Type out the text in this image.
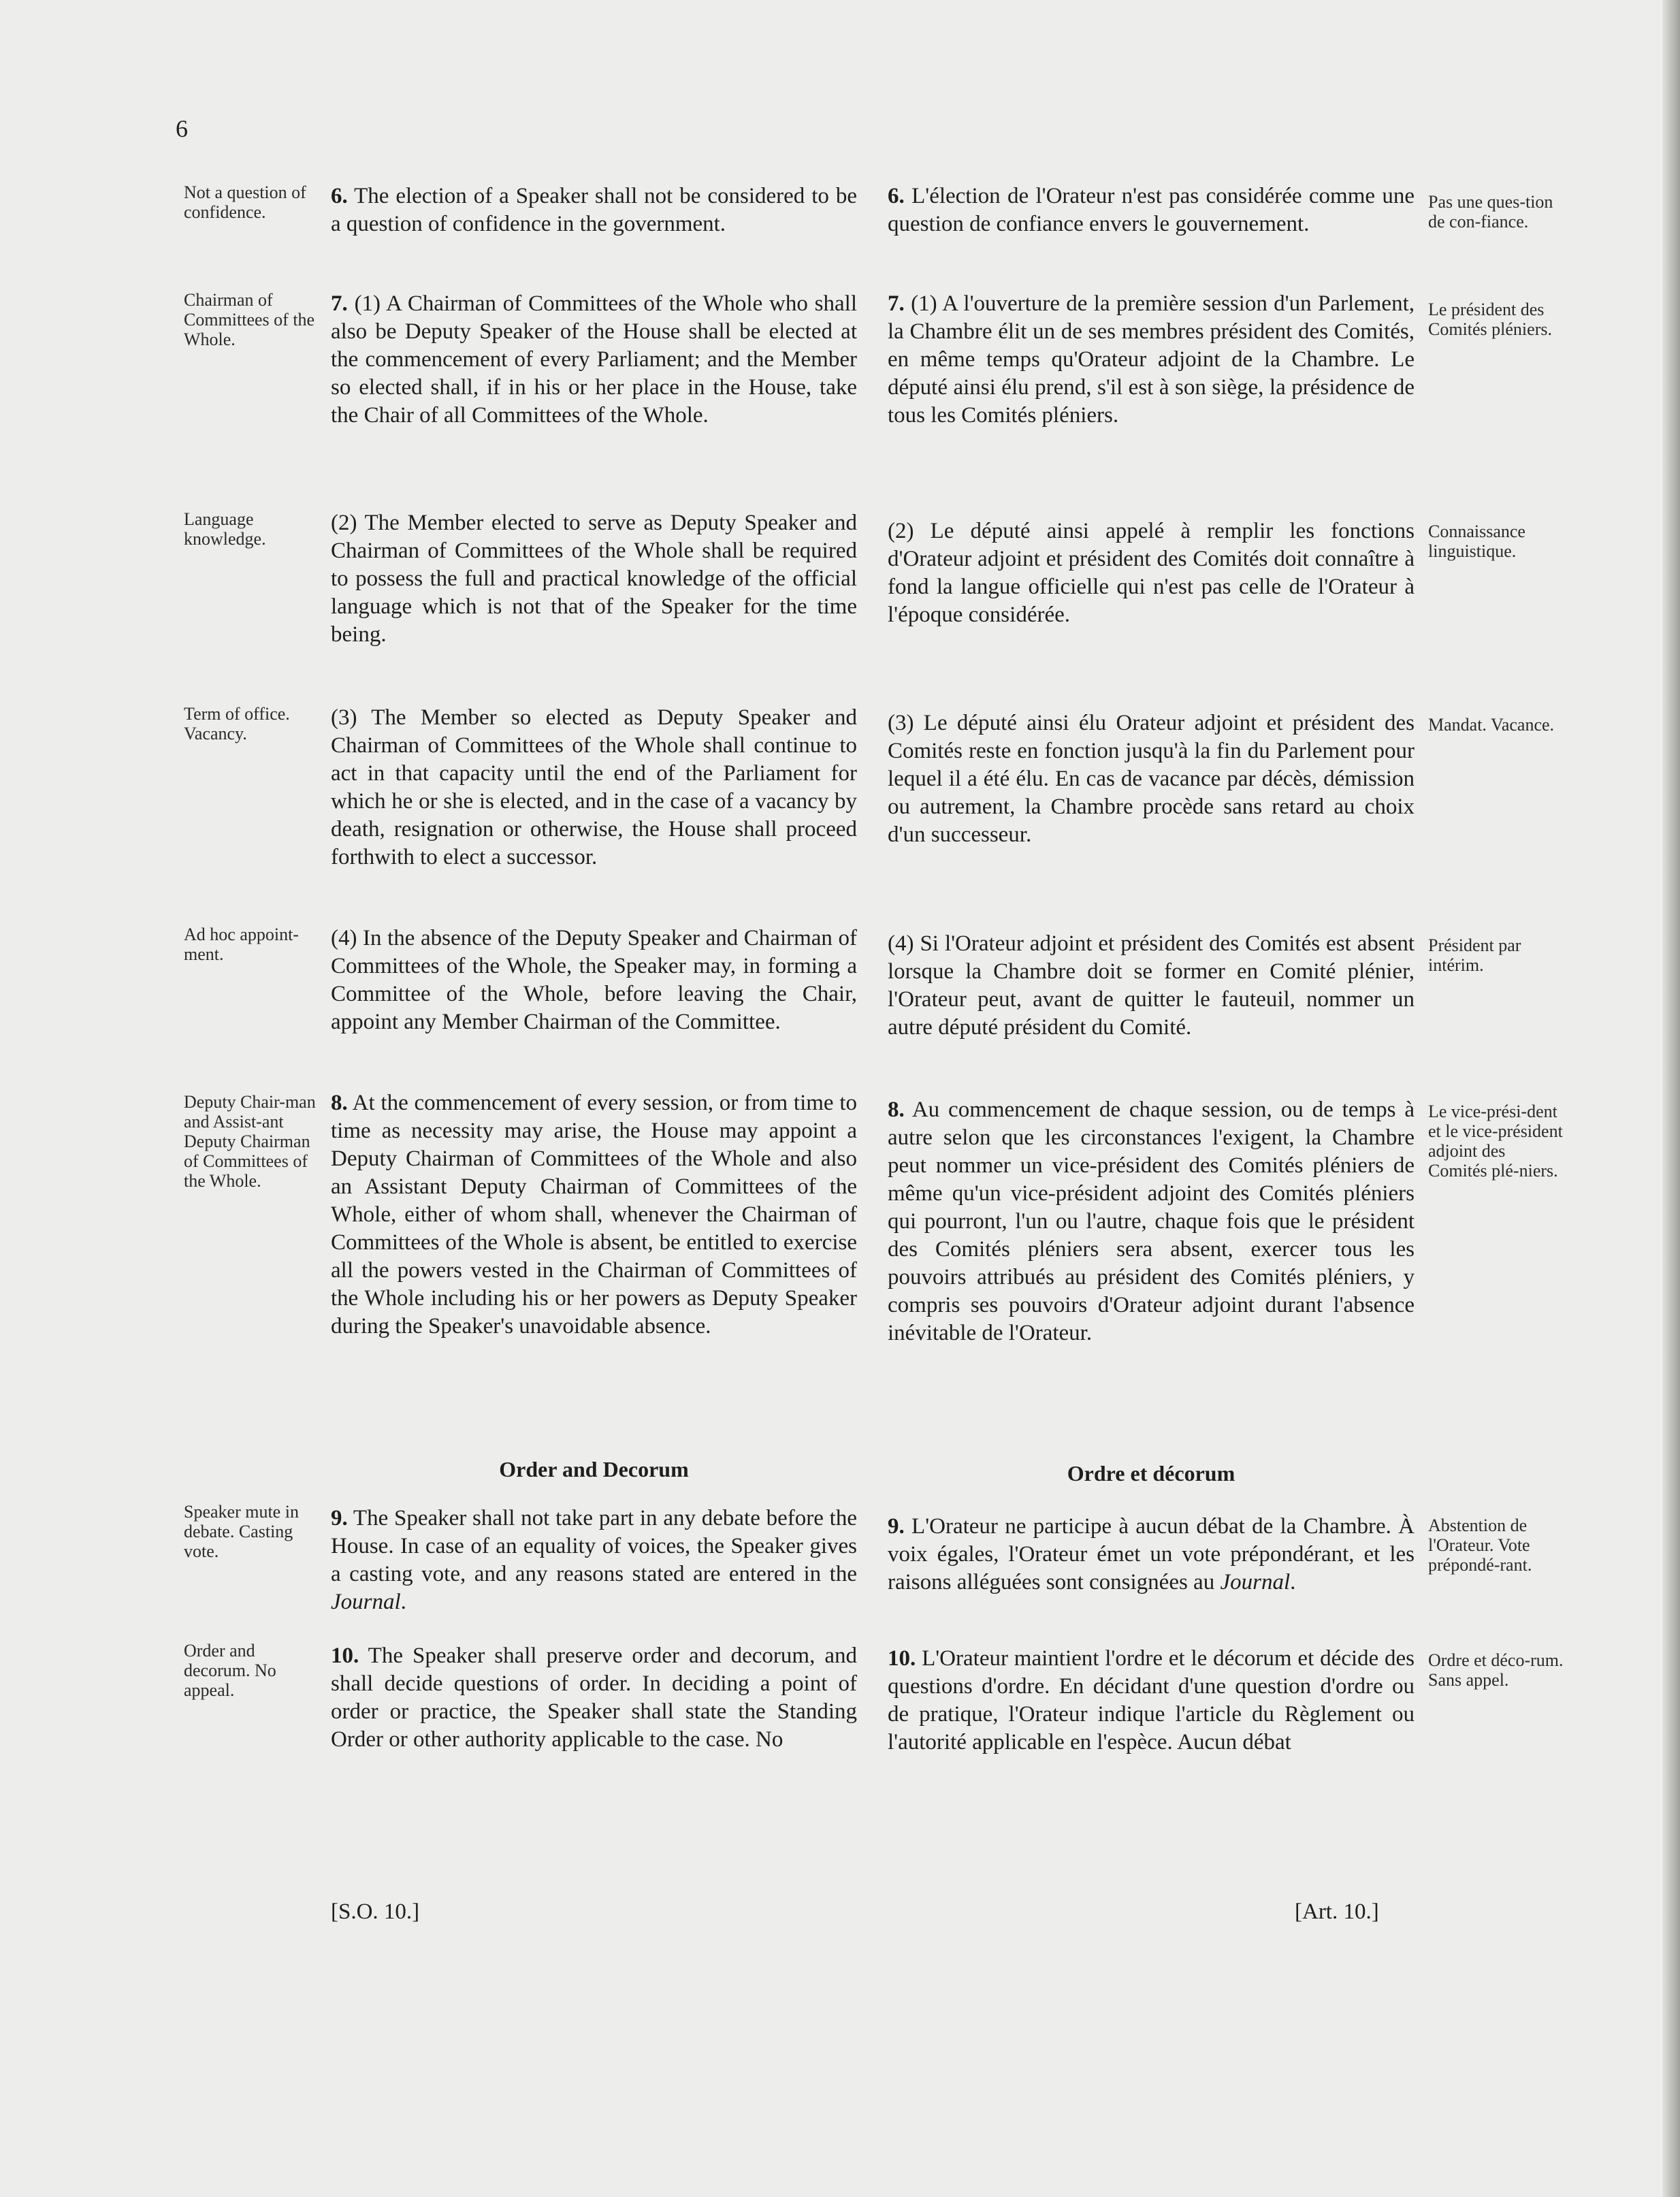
6

Not a question of confidence.

Chairman of Committees of the Whole.

Language knowledge.

Term of office. Vacancy.

Ad hoc appoint-ment.

Deputy Chair-man and Assist-ant Deputy Chairman of Committees of the Whole.

Speaker mute in debate. Casting vote.

Order and decorum. No appeal.

Pas une ques-tion de con-fiance.

Le président des Comités pléniers.

Connaissance linguistique.

Mandat. Vacance.

Président par intérim.

Le vice-prési-dent et le vice-président adjoint des Comités plé-niers.

Abstention de l'Orateur. Vote prépondé-rant.

Ordre et déco-rum. Sans appel.

6. The election of a Speaker shall not be considered to be a question of confidence in the government.

7. (1) A Chairman of Committees of the Whole who shall also be Deputy Speaker of the House shall be elected at the commencement of every Parliament; and the Member so elected shall, if in his or her place in the House, take the Chair of all Committees of the Whole.

(2) The Member elected to serve as Deputy Speaker and Chairman of Committees of the Whole shall be required to possess the full and practical knowledge of the official language which is not that of the Speaker for the time being.

(3) The Member so elected as Deputy Speaker and Chairman of Committees of the Whole shall continue to act in that capacity until the end of the Parliament for which he or she is elected, and in the case of a vacancy by death, resignation or otherwise, the House shall proceed forthwith to elect a successor.

(4) In the absence of the Deputy Speaker and Chairman of Committees of the Whole, the Speaker may, in forming a Committee of the Whole, before leaving the Chair, appoint any Member Chairman of the Committee.

8. At the commencement of every session, or from time to time as necessity may arise, the House may appoint a Deputy Chairman of Committees of the Whole and also an Assistant Deputy Chairman of Committees of the Whole, either of whom shall, whenever the Chairman of Committees of the Whole is absent, be entitled to exercise all the powers vested in the Chairman of Committees of the Whole including his or her powers as Deputy Speaker during the Speaker's unavoidable absence.

Order and Decorum

9. The Speaker shall not take part in any debate before the House. In case of an equality of voices, the Speaker gives a casting vote, and any reasons stated are entered in the Journal.

10. The Speaker shall preserve order and decorum, and shall decide questions of order. In deciding a point of order or practice, the Speaker shall state the Standing Order or other authority applicable to the case. No

6. L'élection de l'Orateur n'est pas considérée comme une question de confiance envers le gouvernement.

7. (1) A l'ouverture de la première session d'un Parlement, la Chambre élit un de ses membres président des Comités, en même temps qu'Orateur adjoint de la Chambre. Le député ainsi élu prend, s'il est à son siège, la présidence de tous les Comités pléniers.

(2) Le député ainsi appelé à remplir les fonctions d'Orateur adjoint et président des Comités doit connaître à fond la langue officielle qui n'est pas celle de l'Orateur à l'époque considérée.

(3) Le député ainsi élu Orateur adjoint et président des Comités reste en fonction jusqu'à la fin du Parlement pour lequel il a été élu. En cas de vacance par décès, démission ou autrement, la Chambre procède sans retard au choix d'un successeur.

(4) Si l'Orateur adjoint et président des Comités est absent lorsque la Chambre doit se former en Comité plénier, l'Orateur peut, avant de quitter le fauteuil, nommer un autre député président du Comité.

8. Au commencement de chaque session, ou de temps à autre selon que les circonstances l'exigent, la Chambre peut nommer un vice-président des Comités pléniers de même qu'un vice-président adjoint des Comités pléniers qui pourront, l'un ou l'autre, chaque fois que le président des Comités pléniers sera absent, exercer tous les pouvoirs attribués au président des Comités pléniers, y compris ses pouvoirs d'Orateur adjoint durant l'absence inévitable de l'Orateur.

Ordre et décorum

9. L'Orateur ne participe à aucun débat de la Chambre. À voix égales, l'Orateur émet un vote prépondérant, et les raisons alléguées sont consignées au Journal.

10. L'Orateur maintient l'ordre et le décorum et décide des questions d'ordre. En décidant d'une question d'ordre ou de pratique, l'Orateur indique l'article du Règlement ou l'autorité applicable en l'espèce. Aucun débat

[S.O. 10.]	[Art. 10.]
